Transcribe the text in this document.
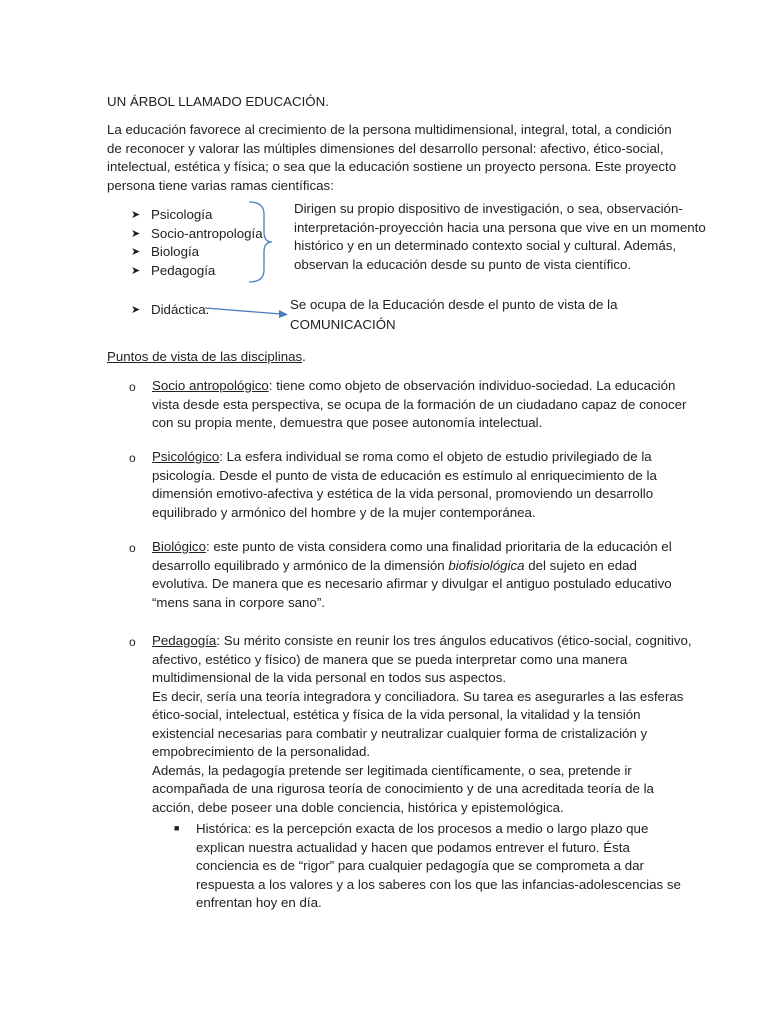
UN ÁRBOL LLAMADO EDUCACIÓN.
La educación favorece al crecimiento de la persona multidimensional, integral, total, a condición
de reconocer y valorar las múltiples dimensiones del desarrollo personal: afectivo, ético-social,
intelectual, estética y física; o sea que la educación sostiene un proyecto persona. Este proyecto
persona tiene varias ramas científicas:
➤ Psicología
➤ Socio-antropología
➤ Biología
➤ Pedagogía
Dirigen su propio dispositivo de investigación, o sea, observación-
interpretación-proyección hacia una persona que vive en un momento
histórico y en un determinado contexto social y cultural. Además,
observan la educación desde su punto de vista científico.
➤ Didáctica.	Se ocupa de la Educación desde el punto de vista de la
COMUNICACIÓN
Puntos de vista de las disciplinas.
o Socio antropológico: tiene como objeto de observación individuo-sociedad. La educación
vista desde esta perspectiva, se ocupa de la formación de un ciudadano capaz de conocer
con su propia mente, demuestra que posee autonomía intelectual.
o Psicológico: La esfera individual se roma como el objeto de estudio privilegiado de la
psicología. Desde el punto de vista de educación es estímulo al enriquecimiento de la
dimensión emotivo-afectiva y estética de la vida personal, promoviendo un desarrollo
equilibrado y armónico del hombre y de la mujer contemporánea.
o Biológico: este punto de vista considera como una finalidad prioritaria de la educación el
desarrollo equilibrado y armónico de la dimensión biofisiológica del sujeto en edad
evolutiva. De manera que es necesario afirmar y divulgar el antiguo postulado educativo
“mens sana in corpore sano”.
o Pedagogía: Su mérito consiste en reunir los tres ángulos educativos (ético-social, cognitivo,
afectivo, estético y físico) de manera que se pueda interpretar como una manera
multidimensional de la vida personal en todos sus aspectos.
Es decir, sería una teoría integradora y conciliadora. Su tarea es asegurarles a las esferas
ético-social, intelectual, estética y física de la vida personal, la vitalidad y la tensión
existencial necesarias para combatir y neutralizar cualquier forma de cristalización y
empobrecimiento de la personalidad.
Además, la pedagogía pretende ser legitimada científicamente, o sea, pretende ir
acompañada de una rigurosa teoría de conocimiento y de una acreditada teoría de la
acción, debe poseer una doble conciencia, histórica y epistemológica.
■ Histórica: es la percepción exacta de los procesos a medio o largo plazo que
explican nuestra actualidad y hacen que podamos entrever el futuro. Ésta
conciencia es de “rigor” para cualquier pedagogía que se comprometa a dar
respuesta a los valores y a los saberes con los que las infancias-adolescencias se
enfrentan hoy en día.
